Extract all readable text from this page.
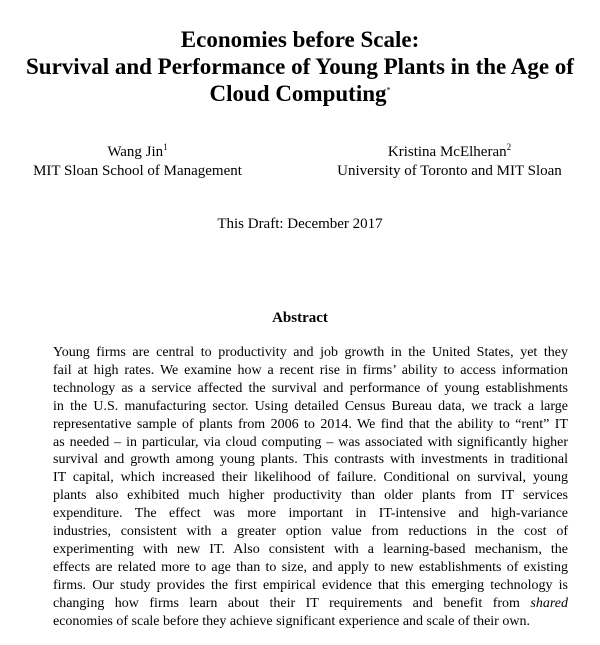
Economies before Scale:
Survival and Performance of Young Plants in the Age of
Cloud Computing*
Wang Jin$^1$
MIT Sloan School of Management
Kristina McElheran$^2$
University of Toronto and MIT Sloan
This Draft: December 2017
Abstract
Young firms are central to productivity and job growth in the United States, yet they
fail at high rates. We examine how a recent rise in firms’ ability to access information
technology as a service affected the survival and performance of young establishments
in the U.S. manufacturing sector. Using detailed Census Bureau data, we track a large
representative sample of plants from 2006 to 2014. We find that the ability to “rent” IT
as needed – in particular, via cloud computing – was associated with significantly higher
survival and growth among young plants. This contrasts with investments in traditional
IT capital, which increased their likelihood of failure. Conditional on survival, young
plants also exhibited much higher productivity than older plants from IT services
expenditure. The effect was more important in IT-intensive and high-variance
industries, consistent with a greater option value from reductions in the cost of
experimenting with new IT. Also consistent with a learning-based mechanism, the
effects are related more to age than to size, and apply to new establishments of existing
firms. Our study provides the first empirical evidence that this emerging technology is
changing how firms learn about their IT requirements and benefit from shared
economies of scale before they achieve significant experience and scale of their own.
